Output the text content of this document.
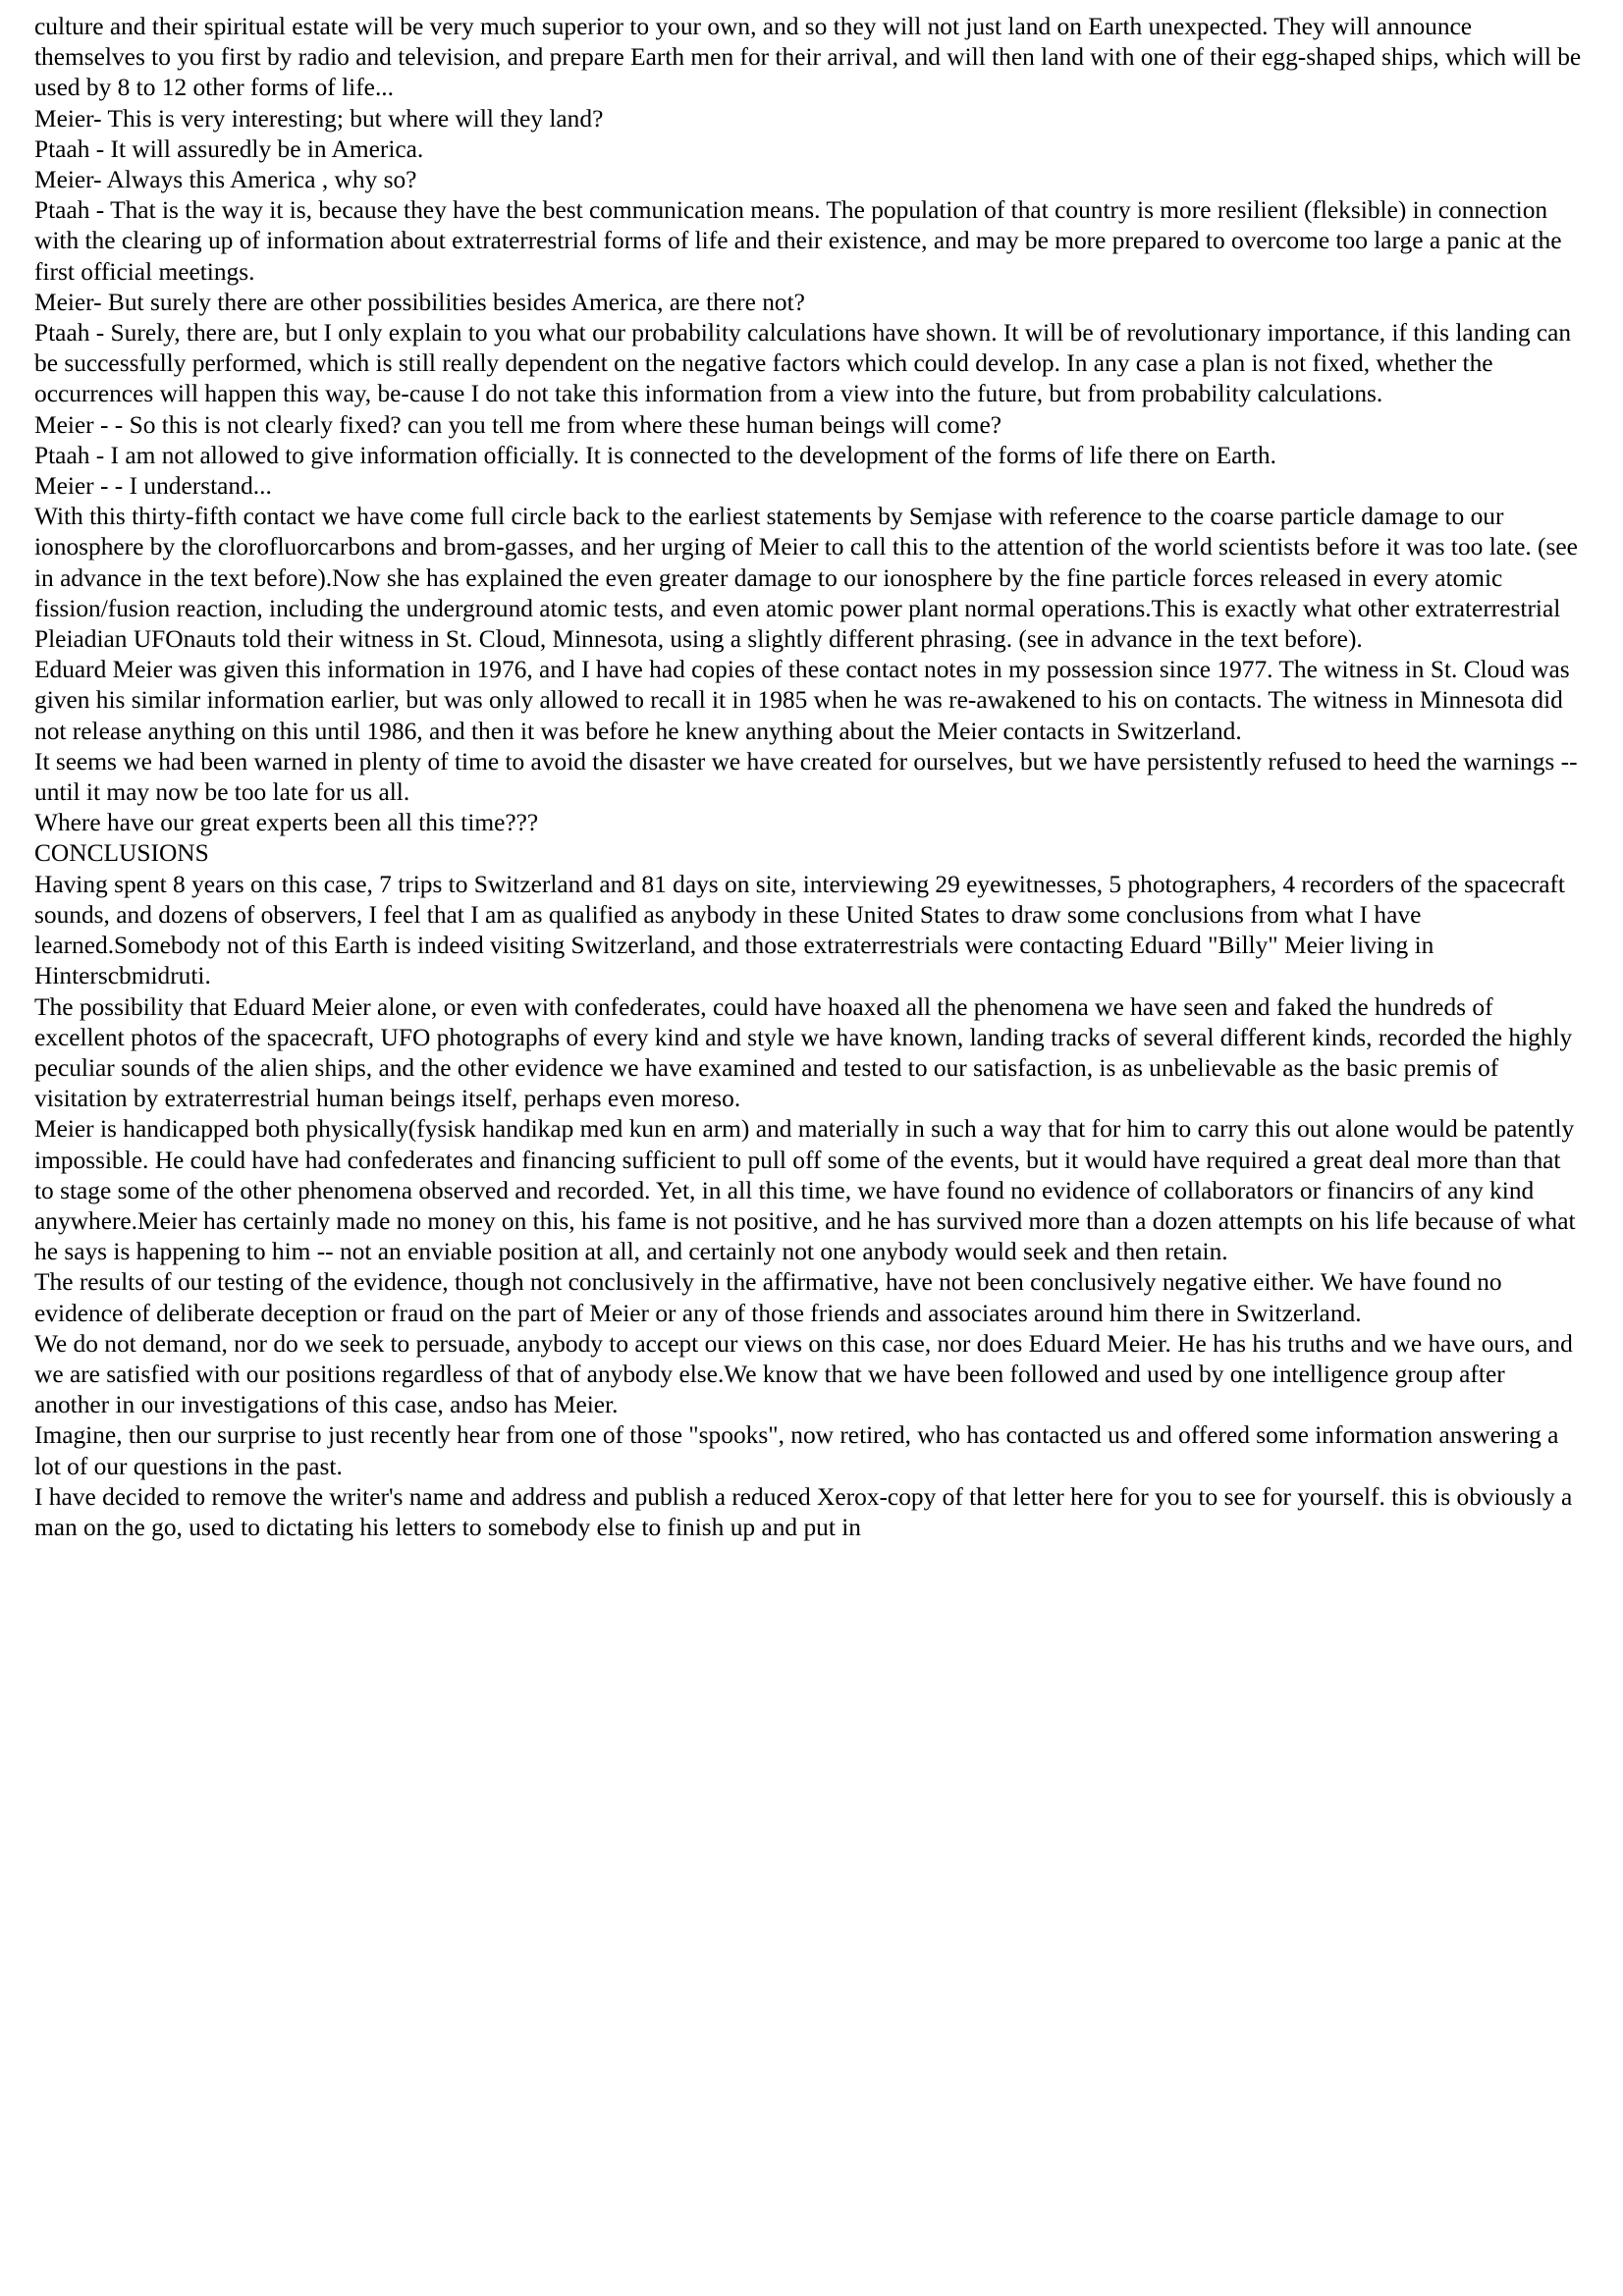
culture and their spiritual estate will be very much superior to your own, and so they will not just land on Earth unexpected. They will announce themselves to you first by radio and television, and prepare Earth men for their arrival, and will then land with one of their egg-shaped ships, which will be used by 8 to 12 other forms of life...

Meier- This is very interesting; but where will they land?

Ptaah - It will assuredly be in America.

Meier- Always this America , why so?

Ptaah - That is the way it is, because they have the best communication means. The population of that country is more resilient (fleksible) in connection with the clearing up of information about extraterrestrial forms of life and their existence, and may be more prepared to overcome too large a panic at the first official meetings.

Meier- But surely there are other possibilities besides America, are there not?

Ptaah - Surely, there are, but I only explain to you what our probability calculations have shown. It will be of revolutionary importance, if this landing can be successfully performed, which is still really dependent on the negative factors which could develop. In any case a plan is not fixed, whether the occurrences will happen this way, be-cause I do not take this information from a view into the future, but from probability calculations.

Meier - - So this is not clearly fixed? can you tell me from where these human beings will come?

Ptaah - I am not allowed to give information officially. It is connected to the development of the forms of life there on Earth.

Meier - - I understand...

With this thirty-fifth contact we have come full circle back to the earliest statements by Semjase with reference to the coarse particle damage to our ionosphere by the clorofluorcarbons and brom-gasses, and her urging of Meier to call this to the attention of the world scientists before it was too late. (see in advance in the text before).Now she has explained the even greater damage to our ionosphere by the fine particle forces released in every atomic fission/fusion reaction, including the underground atomic tests, and even atomic power plant normal operations.This is exactly what other extraterrestrial Pleiadian UFOnauts told their witness in St. Cloud, Minnesota, using a slightly different phrasing. (see in advance in the text before).

Eduard Meier was given this information in 1976, and I have had copies of these contact notes in my possession since 1977. The witness in St. Cloud was given his similar information earlier, but was only allowed to recall it in 1985 when he was re-awakened to his on contacts. The witness in Minnesota did not release anything on this until 1986, and then it was before he knew anything about the Meier contacts in Switzerland.

It seems we had been warned in plenty of time to avoid the disaster we have created for ourselves, but we have persistently refused to heed the warnings -- until it may now be too late for us all.

Where have our great experts been all this time???

CONCLUSIONS

Having spent 8 years on this case, 7 trips to Switzerland and 81 days on site, interviewing 29 eyewitnesses, 5 photographers, 4 recorders of the spacecraft sounds, and dozens of observers, I feel that I am as qualified as anybody in these United States to draw some conclusions from what I have learned.Somebody not of this Earth is indeed visiting Switzerland, and those extraterrestrials were contacting Eduard "Billy" Meier living in Hinterscbmidruti.

The possibility that Eduard Meier alone, or even with confederates, could have hoaxed all the phenomena we have seen and faked the hundreds of excellent photos of the spacecraft, UFO photographs of every kind and style we have known, landing tracks of several different kinds, recorded the highly peculiar sounds of the alien ships, and the other evidence we have examined and tested to our satisfaction, is as unbelievable as the basic premis of visitation by extraterrestrial human beings itself, perhaps even moreso.

Meier is handicapped both physically(fysisk handikap med kun en arm) and materially in such a way that for him to carry this out alone would be patently impossible. He could have had confederates and financing sufficient to pull off some of the events, but it would have required a great deal more than that to stage some of the other phenomena observed and recorded. Yet, in all this time, we have found no evidence of collaborators or financirs of any kind anywhere.Meier has certainly made no money on this, his fame is not positive, and he has survived more than a dozen attempts on his life because of what he says is happening to him -- not an enviable position at all, and certainly not one anybody would seek and then retain.

The results of our testing of the evidence, though not conclusively in the affirmative, have not been conclusively negative either. We have found no evidence of deliberate deception or fraud on the part of Meier or any of those friends and associates around him there in Switzerland.

We do not demand, nor do we seek to persuade, anybody to accept our views on this case, nor does Eduard Meier. He has his truths and we have ours, and we are satisfied with our positions regardless of that of anybody else.We know that we have been followed and used by one intelligence group after another in our investigations of this case, andso has Meier.

Imagine, then our surprise to just recently hear from one of those "spooks", now retired, who has contacted us and offered some information answering a lot of our questions in the past.

I have decided to remove the writer's name and address and publish a reduced Xerox-copy of that letter here for you to see for yourself. this is obviously a man on the go, used to dictating his letters to somebody else to finish up and put in
